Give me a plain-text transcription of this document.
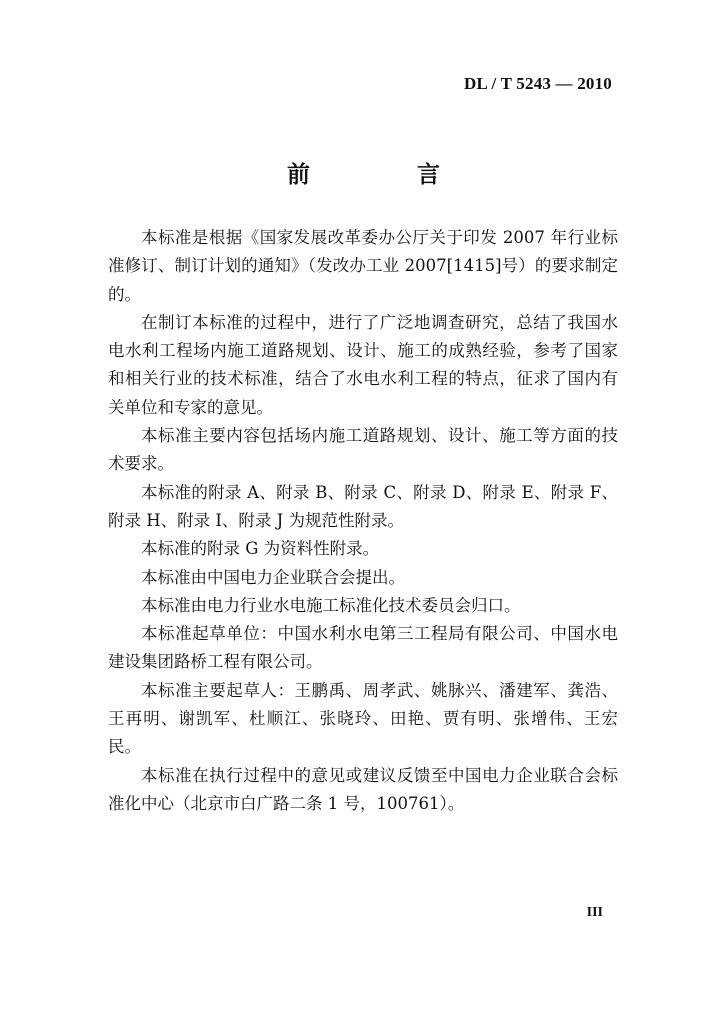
DL / T 5243 — 2010
前　言

本标准是根据《国家发展改革委办公厅关于印发 2007 年行业标准修订、制订计划的通知》（发改办工业 2007[1415]号）的要求制定的。

在制订本标准的过程中，进行了广泛地调查研究，总结了我国水电水利工程场内施工道路规划、设计、施工的成熟经验，参考了国家和相关行业的技术标准，结合了水电水利工程的特点，征求了国内有关单位和专家的意见。

本标准主要内容包括场内施工道路规划、设计、施工等方面的技术要求。

本标准的附录 A、附录 B、附录 C、附录 D、附录 E、附录 F、附录 H、附录 I、附录 J 为规范性附录。

本标准的附录 G 为资料性附录。

本标准由中国电力企业联合会提出。

本标准由电力行业水电施工标准化技术委员会归口。

本标准起草单位：中国水利水电第三工程局有限公司、中国水电建设集团路桥工程有限公司。

本标准主要起草人：王鹏禹、周孝武、姚脉兴、潘建军、龚浩、王再明、谢凯军、杜顺江、张晓玲、田艳、贾有明、张增伟、王宏民。

本标准在执行过程中的意见或建议反馈至中国电力企业联合会标准化中心（北京市白广路二条 1 号，100761）。

III
